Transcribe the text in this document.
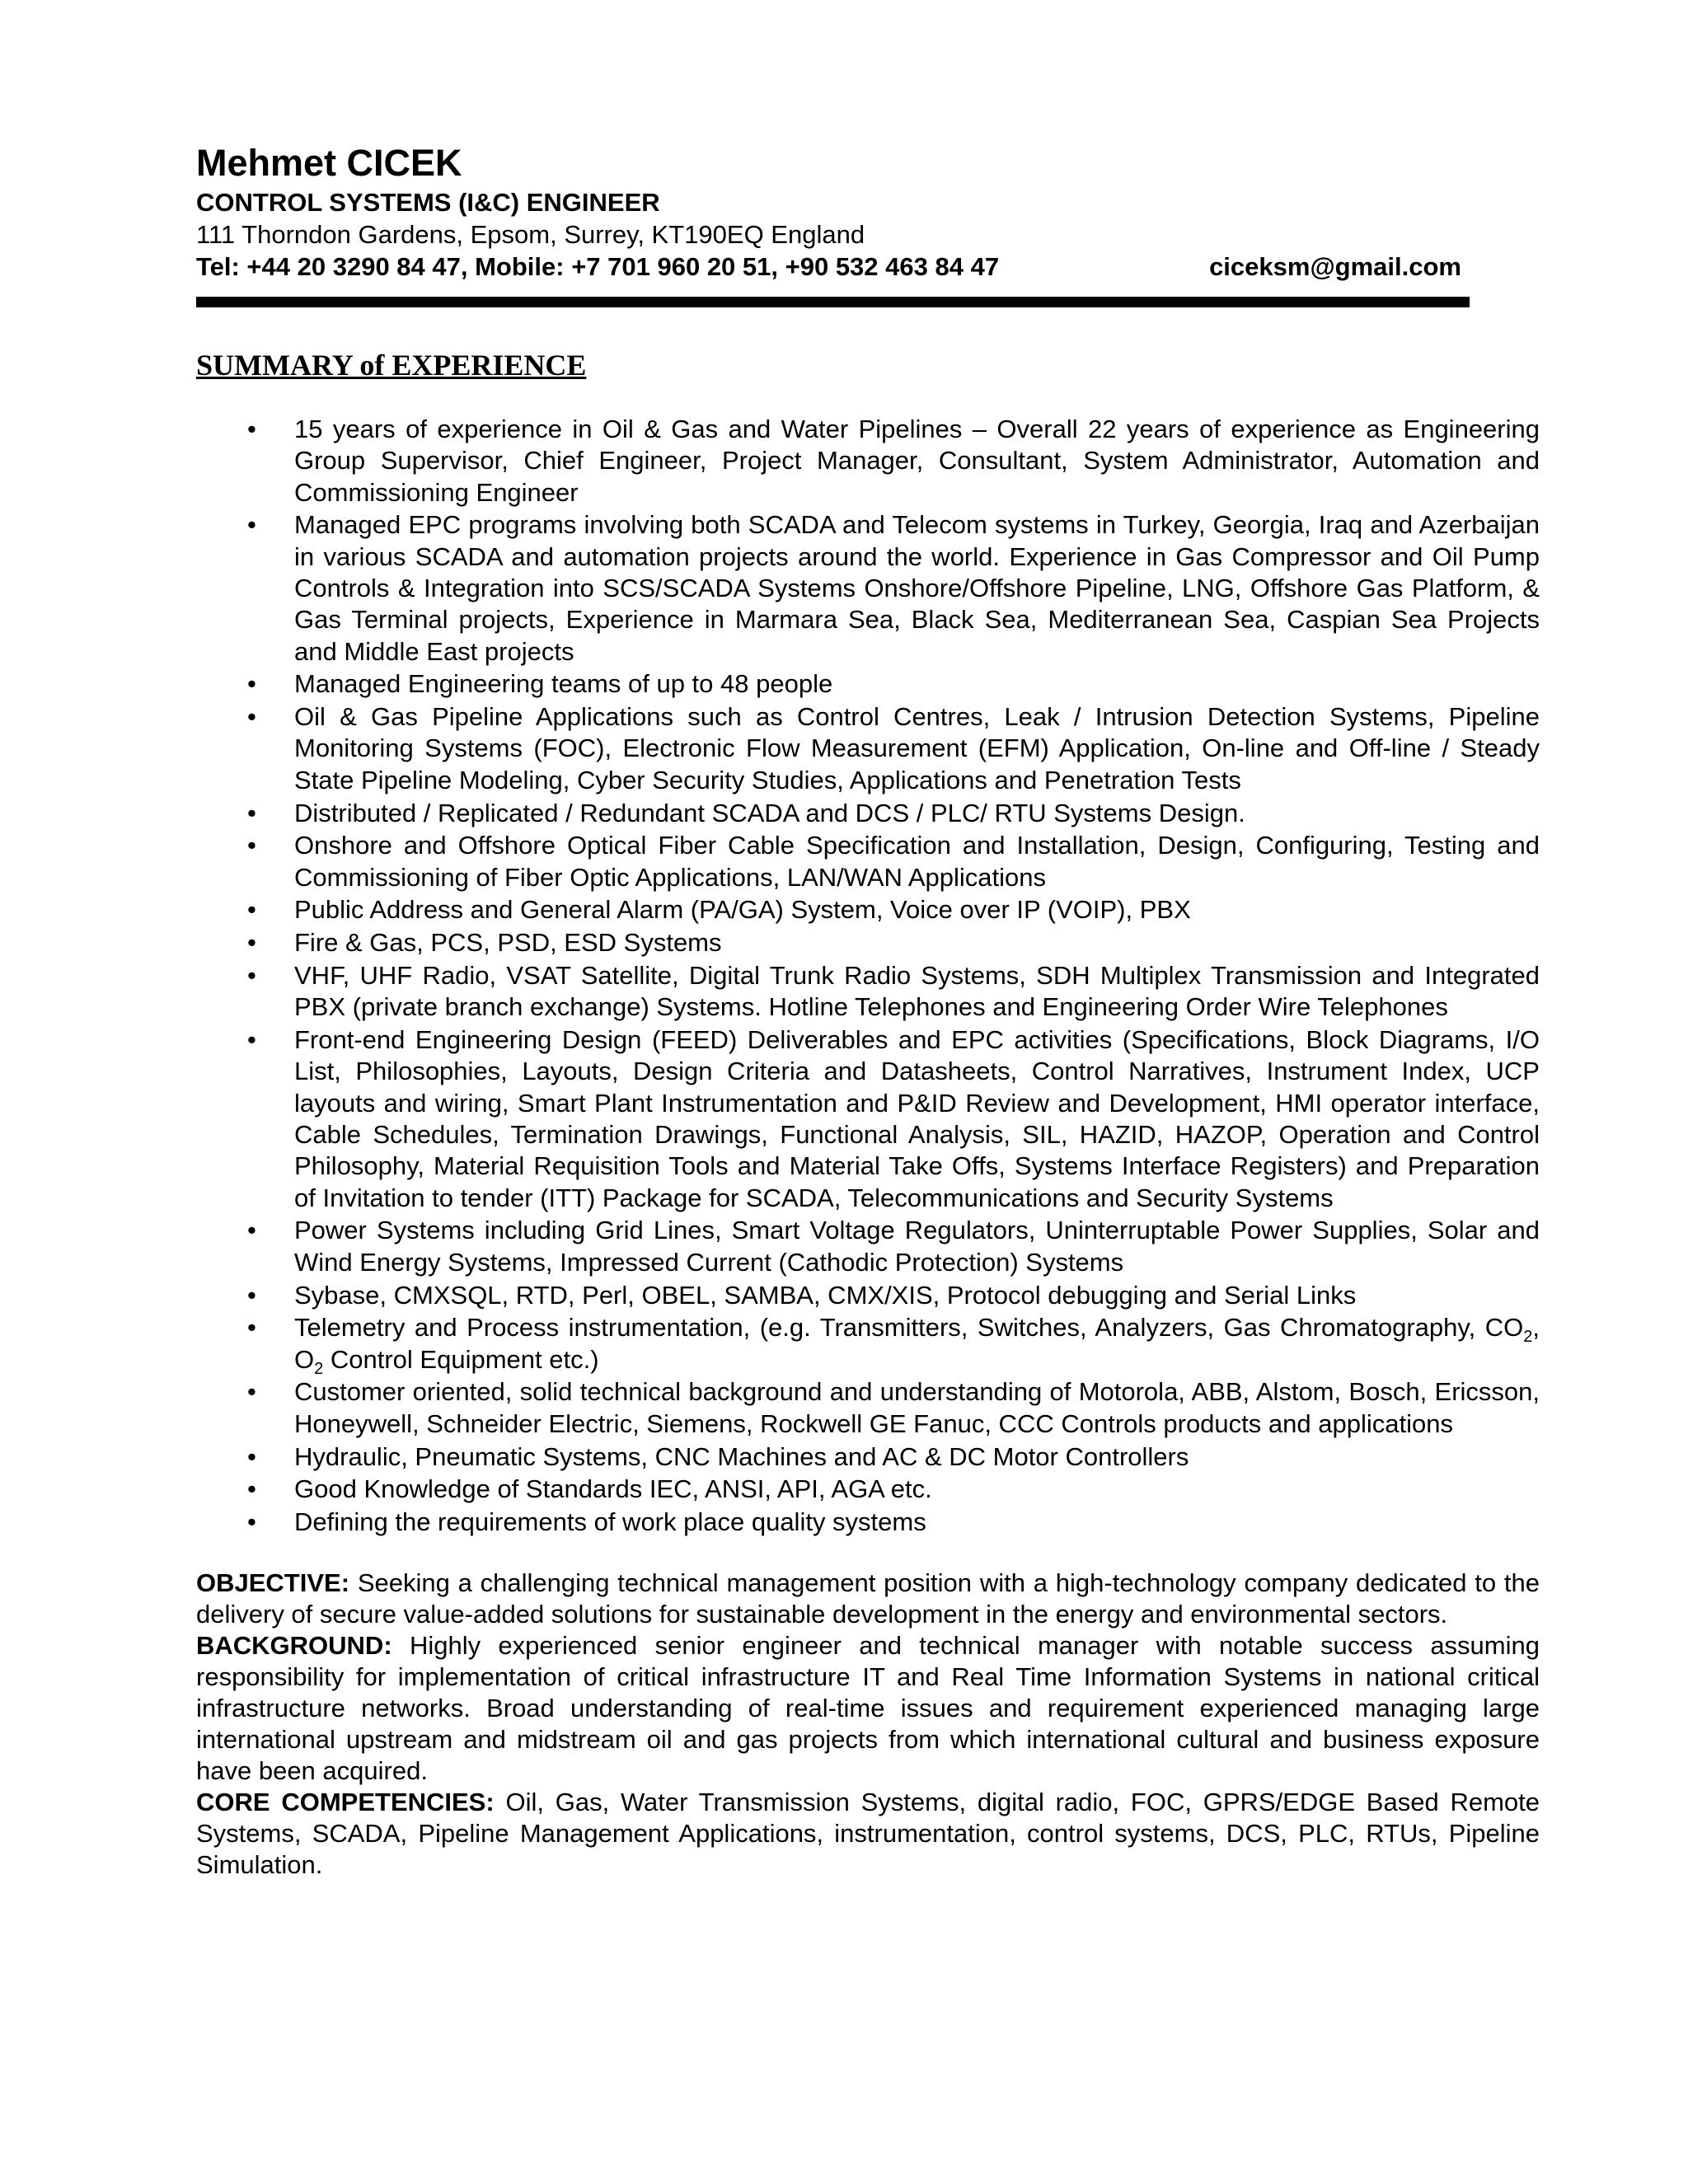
Mehmet CICEK
CONTROL SYSTEMS (I&C) ENGINEER
111 Thorndon Gardens, Epsom, Surrey, KT190EQ England
Tel: +44 20 3290 84 47, Mobile: +7 701 960 20 51, +90 532 463 84 47	ciceksm@gmail.com
SUMMARY of EXPERIENCE
• 15 years of experience in Oil & Gas and Water Pipelines – Overall 22 years of experience as Engineering Group Supervisor, Chief Engineer, Project Manager, Consultant, System Administrator, Automation and Commissioning Engineer
• Managed EPC programs involving both SCADA and Telecom systems in Turkey, Georgia, Iraq and Azerbaijan in various SCADA and automation projects around the world. Experience in Gas Compressor and Oil Pump Controls & Integration into SCS/SCADA Systems Onshore/Offshore Pipeline, LNG, Offshore Gas Platform, & Gas Terminal projects, Experience in Marmara Sea, Black Sea, Mediterranean Sea, Caspian Sea Projects and Middle East projects
• Managed Engineering teams of up to 48 people
• Oil & Gas Pipeline Applications such as Control Centres, Leak / Intrusion Detection Systems, Pipeline Monitoring Systems (FOC), Electronic Flow Measurement (EFM) Application, On-line and Off-line / Steady State Pipeline Modeling, Cyber Security Studies, Applications and Penetration Tests
• Distributed / Replicated / Redundant SCADA and DCS / PLC/ RTU Systems Design.
• Onshore and Offshore Optical Fiber Cable Specification and Installation, Design, Configuring, Testing and Commissioning of Fiber Optic Applications, LAN/WAN Applications
• Public Address and General Alarm (PA/GA) System, Voice over IP (VOIP), PBX
• Fire & Gas, PCS, PSD, ESD Systems
• VHF, UHF Radio, VSAT Satellite, Digital Trunk Radio Systems, SDH Multiplex Transmission and Integrated PBX (private branch exchange) Systems. Hotline Telephones and Engineering Order Wire Telephones
• Front-end Engineering Design (FEED) Deliverables and EPC activities (Specifications, Block Diagrams, I/O List, Philosophies, Layouts, Design Criteria and Datasheets, Control Narratives, Instrument Index, UCP layouts and wiring, Smart Plant Instrumentation and P&ID Review and Development, HMI operator interface, Cable Schedules, Termination Drawings, Functional Analysis, SIL, HAZID, HAZOP, Operation and Control Philosophy, Material Requisition Tools and Material Take Offs, Systems Interface Registers) and Preparation of Invitation to tender (ITT) Package for SCADA, Telecommunications and Security Systems
• Power Systems including Grid Lines, Smart Voltage Regulators, Uninterruptable Power Supplies, Solar and Wind Energy Systems, Impressed Current (Cathodic Protection) Systems
• Sybase, CMXSQL, RTD, Perl, OBEL, SAMBA, CMX/XIS, Protocol debugging and Serial Links
• Telemetry and Process instrumentation, (e.g. Transmitters, Switches, Analyzers, Gas Chromatography, $CO_2$, $O_2$ Control Equipment etc.)
• Customer oriented, solid technical background and understanding of Motorola, ABB, Alstom, Bosch, Ericsson, Honeywell, Schneider Electric, Siemens, Rockwell GE Fanuc, CCC Controls products and applications
• Hydraulic, Pneumatic Systems, CNC Machines and AC & DC Motor Controllers
• Good Knowledge of Standards IEC, ANSI, API, AGA etc.
• Defining the requirements of work place quality systems
OBJECTIVE: Seeking a challenging technical management position with a high-technology company dedicated to the delivery of secure value-added solutions for sustainable development in the energy and environmental sectors.
BACKGROUND: Highly experienced senior engineer and technical manager with notable success assuming responsibility for implementation of critical infrastructure IT and Real Time Information Systems in national critical infrastructure networks. Broad understanding of real-time issues and requirement experienced managing large international upstream and midstream oil and gas projects from which international cultural and business exposure have been acquired.
CORE COMPETENCIES: Oil, Gas, Water Transmission Systems, digital radio, FOC, GPRS/EDGE Based Remote Systems, SCADA, Pipeline Management Applications, instrumentation, control systems, DCS, PLC, RTUs, Pipeline Simulation.
